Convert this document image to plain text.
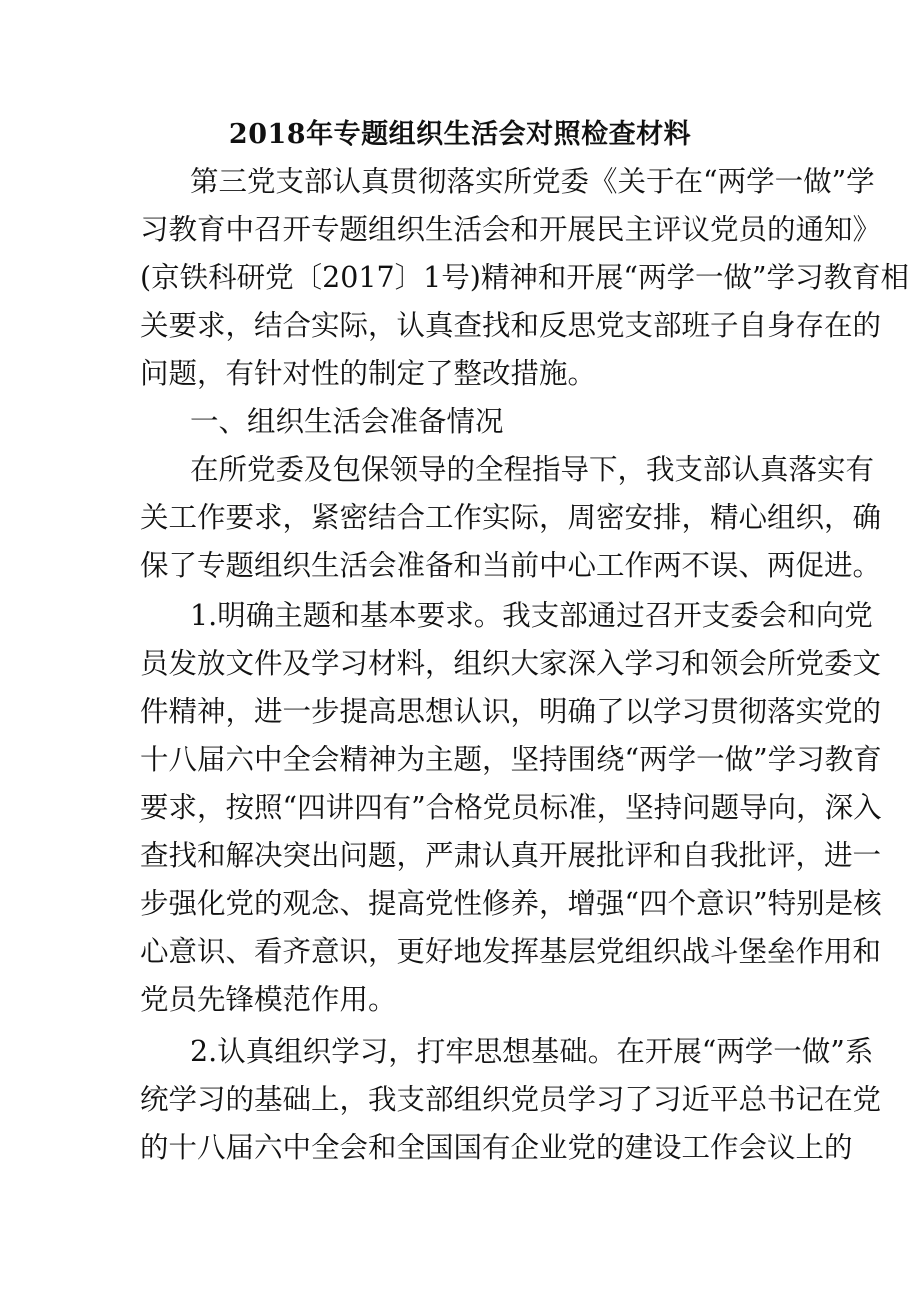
2018年专题组织生活会对照检查材料
第三党支部认真贯彻落实所党委《关于在“两学一做”学
习教育中召开专题组织生活会和开展民主评议党员的通知》
(京铁科研党〔2017〕1号)精神和开展“两学一做”学习教育相
关要求，结合实际，认真查找和反思党支部班子自身存在的
问题，有针对性的制定了整改措施。
一、组织生活会准备情况
在所党委及包保领导的全程指导下，我支部认真落实有
关工作要求，紧密结合工作实际，周密安排，精心组织，确
保了专题组织生活会准备和当前中心工作两不误、两促进。
1.明确主题和基本要求。我支部通过召开支委会和向党
员发放文件及学习材料，组织大家深入学习和领会所党委文
件精神，进一步提高思想认识，明确了以学习贯彻落实党的
十八届六中全会精神为主题，坚持围绕“两学一做”学习教育
要求，按照“四讲四有”合格党员标准，坚持问题导向，深入
查找和解决突出问题，严肃认真开展批评和自我批评，进一
步强化党的观念、提高党性修养，增强“四个意识”特别是核
心意识、看齐意识，更好地发挥基层党组织战斗堡垒作用和
党员先锋模范作用。
2.认真组织学习，打牢思想基础。在开展“两学一做”系
统学习的基础上，我支部组织党员学习了习近平总书记在党
的十八届六中全会和全国国有企业党的建设工作会议上的
